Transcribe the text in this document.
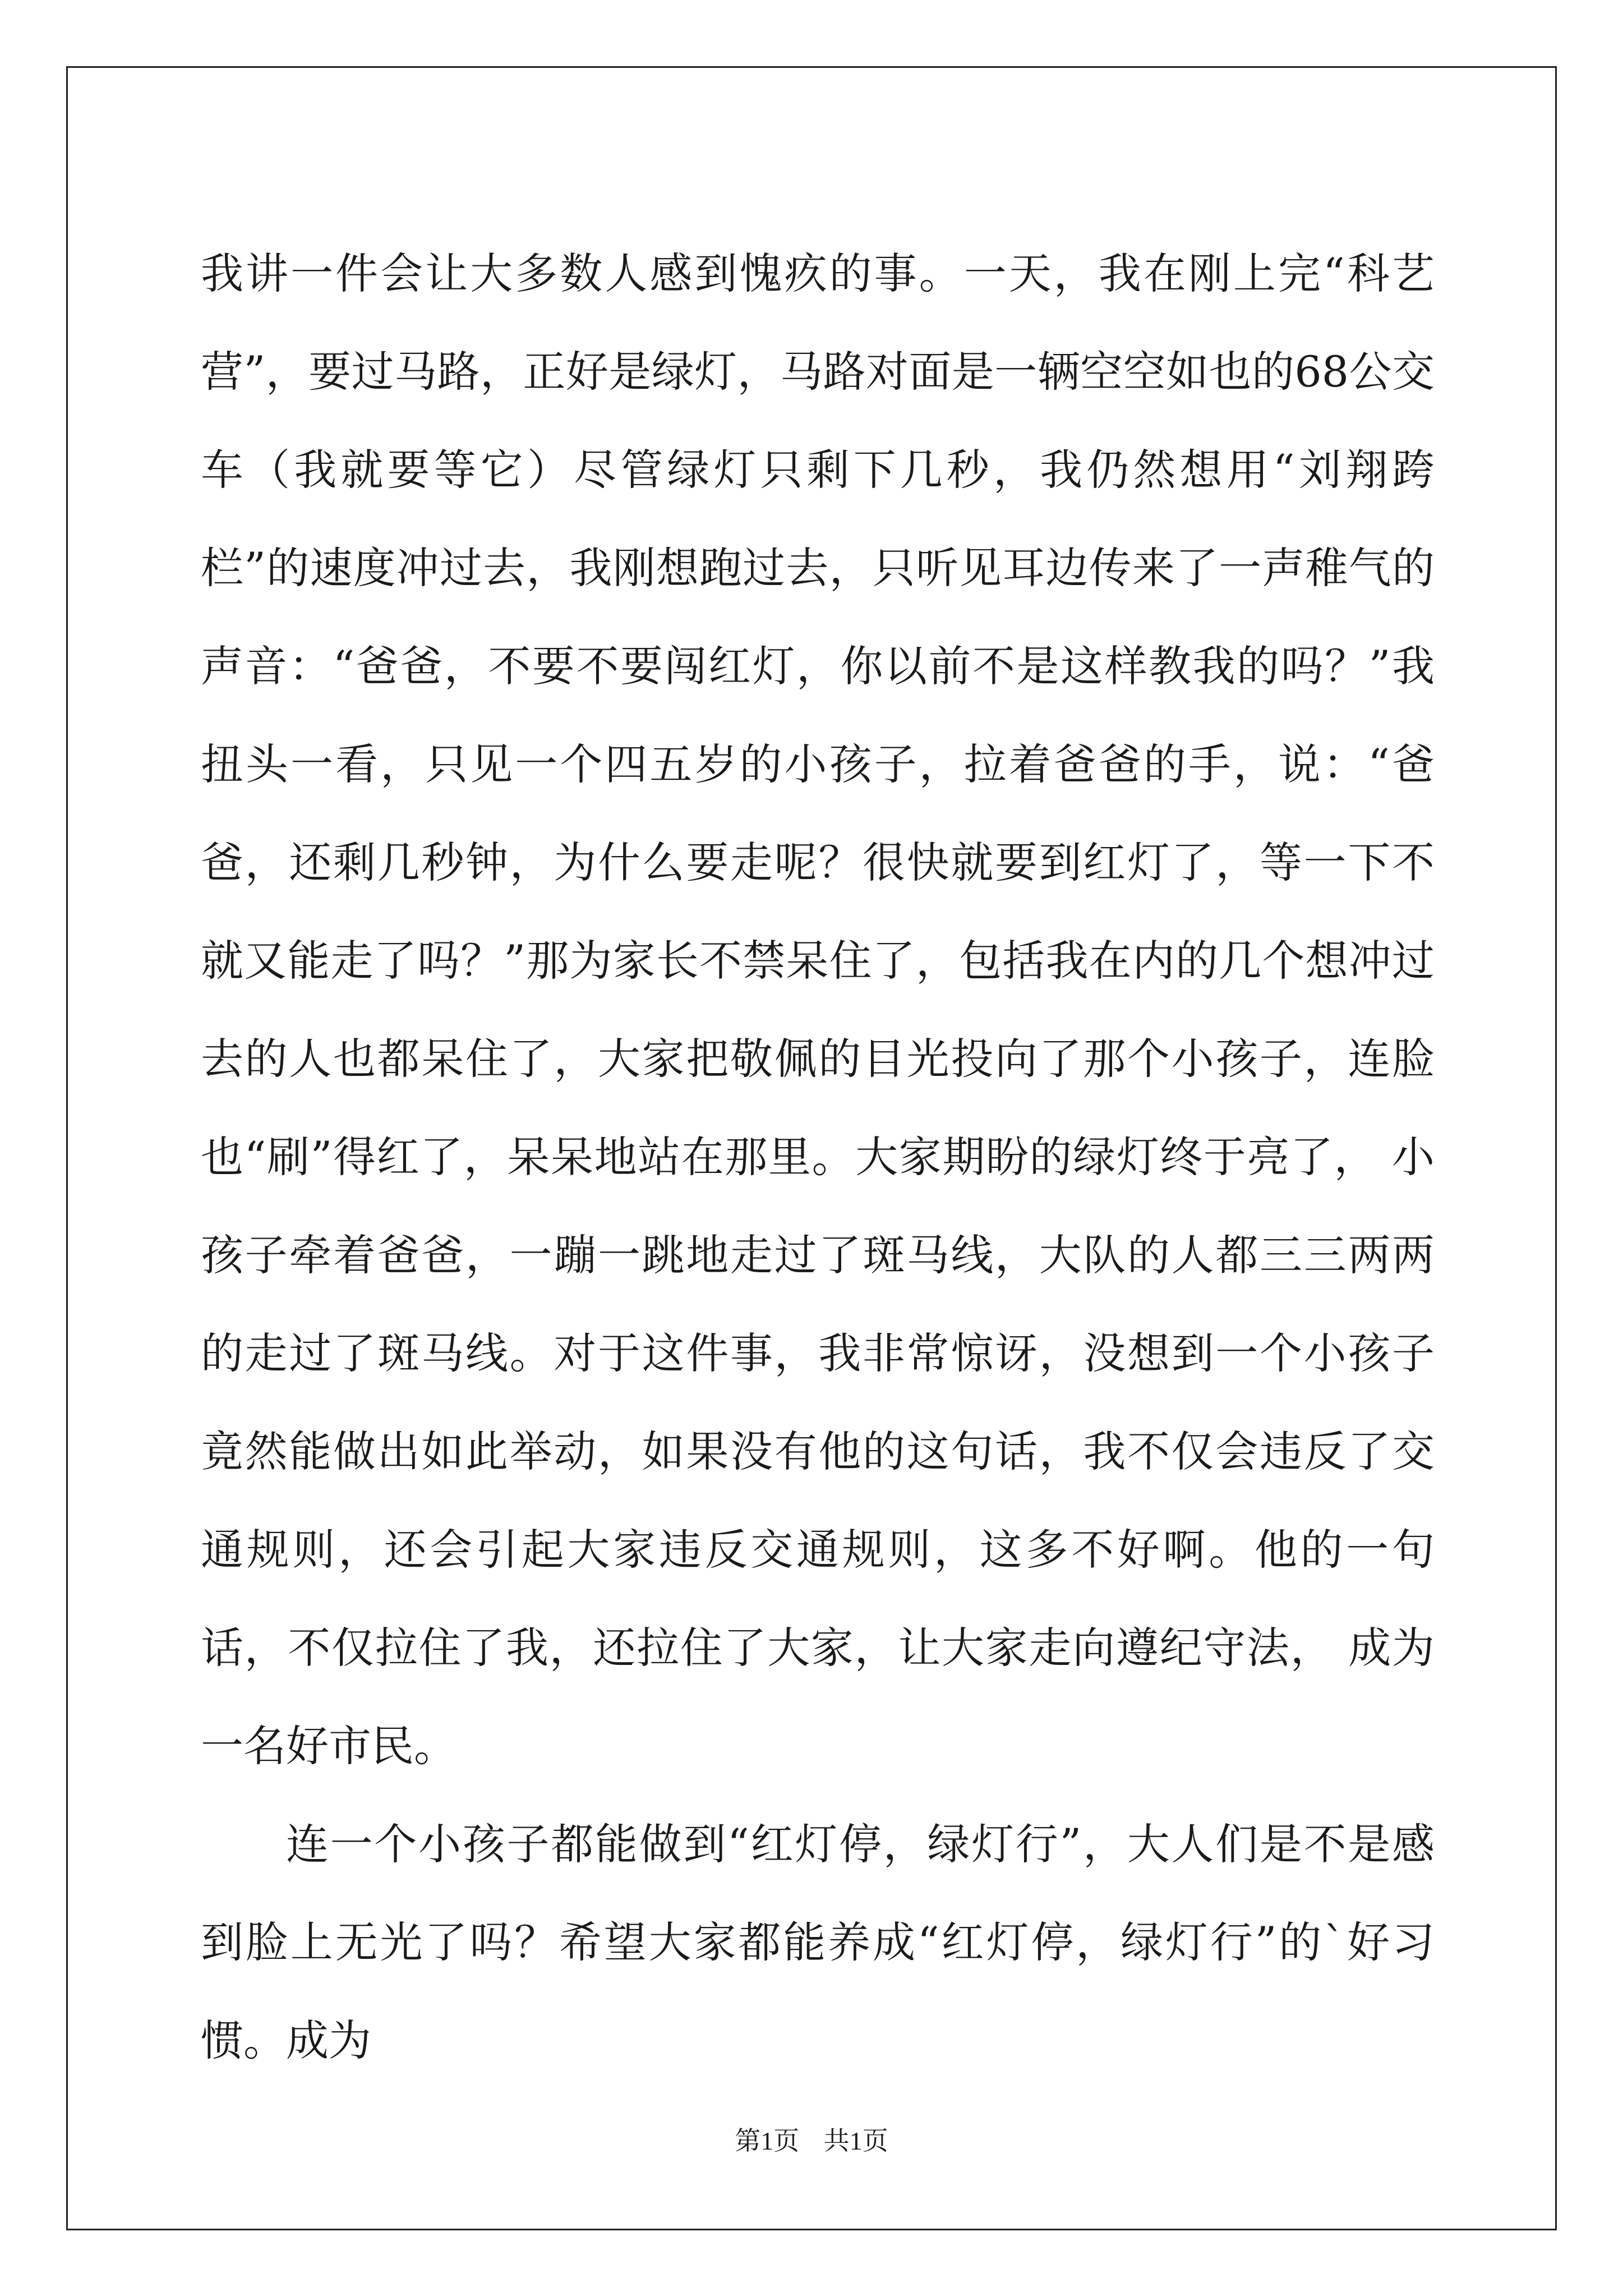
我讲一件会让大多数人感到愧疚的事。一天，我在刚上完“科艺营”，要过马路，正好是绿灯，马路对面是一辆空空如也的68公交车（我就要等它）尽管绿灯只剩下几秒，我仍然想用“刘翔跨栏”的速度冲过去，我刚想跑过去，只听见耳边传来了一声稚气的声音：“爸爸，不要不要闯红灯，你以前不是这样教我的吗？”我扭头一看，只见一个四五岁的小孩子，拉着爸爸的手，说：“爸爸，还剩几秒钟，为什么要走呢？很快就要到红灯了，等一下不就又能走了吗？”那为家长不禁呆住了，包括我在内的几个想冲过去的人也都呆住了，大家把敬佩的目光投向了那个小孩子，连脸也“刷”得红了，呆呆地站在那里。大家期盼的绿灯终于亮了， 小孩子牵着爸爸，一蹦一跳地走过了斑马线，大队的人都三三两两的走过了斑马线。对于这件事，我非常惊讶，没想到一个小孩子竟然能做出如此举动，如果没有他的这句话，我不仅会违反了交通规则，还会引起大家违反交通规则，这多不好啊。他的一句话，不仅拉住了我，还拉住了大家，让大家走向遵纪守法， 成为一名好市民。

连一个小孩子都能做到“红灯停，绿灯行”，大人们是不是感到脸上无光了吗？希望大家都能养成“红灯停，绿灯行”的`好习惯。成为

第1页 共1页
